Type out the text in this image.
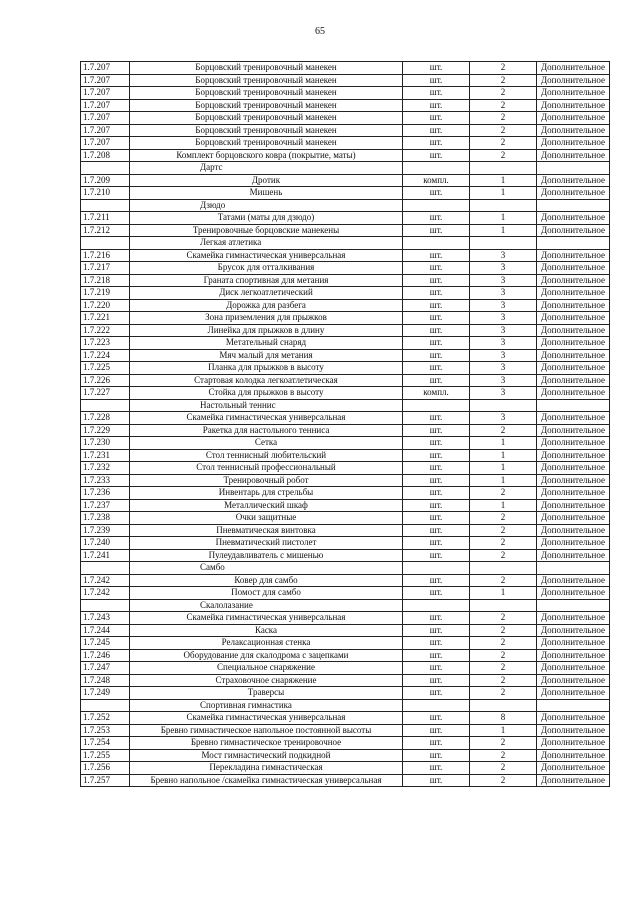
65
1.7.207	Борцовский тренировочный манекен	шт.	2	Дополнительное
1.7.207	Борцовский тренировочный манекен	шт.	2	Дополнительное
1.7.207	Борцовский тренировочный манекен	шт.	2	Дополнительное
1.7.207	Борцовский тренировочный манекен	шт.	2	Дополнительное
1.7.207	Борцовский тренировочный манекен	шт.	2	Дополнительное
1.7.207	Борцовский тренировочный манекен	шт.	2	Дополнительное
1.7.207	Борцовский тренировочный манекен	шт.	2	Дополнительное
1.7.208	Комплект борцовского ковра (покрытие, маты)	шт.	2	Дополнительное
	Дартс			
1.7.209	Дротик	компл.	1	Дополнительное
1.7.210	Мишень	шт.	1	Дополнительное
	Дзюдо			
1.7.211	Татами (маты для дзюдо)	шт.	1	Дополнительное
1.7.212	Тренировочные борцовские манекены	шт.	1	Дополнительное
	Легкая атлетика			
1.7.216	Скамейка гимнастическая универсальная	шт.	3	Дополнительное
1.7.217	Брусок для отталкивания	шт.	3	Дополнительное
1.7.218	Граната спортивная для метания	шт.	3	Дополнительное
1.7.219	Диск легкоатлетический	шт.	3	Дополнительное
1.7.220	Дорожка для разбега	шт.	3	Дополнительное
1.7.221	Зона приземления для прыжков	шт.	3	Дополнительное
1.7.222	Линейка для прыжков в длину	шт.	3	Дополнительное
1.7.223	Метательный снаряд	шт.	3	Дополнительное
1.7.224	Мяч малый для метания	шт.	3	Дополнительное
1.7.225	Планка для прыжков в высоту	шт.	3	Дополнительное
1.7.226	Стартовая колодка легкоатлетическая	шт.	3	Дополнительное
1.7.227	Стойка для прыжков в высоту	компл.	3	Дополнительное
	Настольный теннис			
1.7.228	Скамейка гимнастическая универсальная	шт.	3	Дополнительное
1.7.229	Ракетка для настольного тенниса	шт.	2	Дополнительное
1.7.230	Сетка	шт.	1	Дополнительное
1.7.231	Стол теннисный любительский	шт.	1	Дополнительное
1.7.232	Стол теннисный профессиональный	шт.	1	Дополнительное
1.7.233	Тренировочный робот	шт.	1	Дополнительное
1.7.236	Инвентарь для стрельбы	шт.	2	Дополнительное
1.7.237	Металлический шкаф	шт.	1	Дополнительное
1.7.238	Очки защитные	шт.	2	Дополнительное
1.7.239	Пневматическая винтовка	шт.	2	Дополнительное
1.7.240	Пневматический пистолет	шт.	2	Дополнительное
1.7.241	Пулеудавливатель с мишенью	шт.	2	Дополнительное
	Самбо			
1.7.242	Ковер для самбо	шт.	2	Дополнительное
1.7.242	Помост для самбо	шт.	1	Дополнительное
	Скалолазание			
1.7.243	Скамейка гимнастическая универсальная	шт.	2	Дополнительное
1.7.244	Каска	шт.	2	Дополнительное
1.7.245	Релаксационная стенка	шт.	2	Дополнительное
1.7.246	Оборудование для скалодрома с зацепками	шт.	2	Дополнительное
1.7.247	Специальное снаряжение	шт.	2	Дополнительное
1.7.248	Страховочное снаряжение	шт.	2	Дополнительное
1.7.249	Траверсы	шт.	2	Дополнительное
	Спортивная гимнастика			
1.7.252	Скамейка гимнастическая универсальная	шт.	8	Дополнительное
1.7.253	Бревно гимнастическое напольное постоянной высоты	шт.	1	Дополнительное
1.7.254	Бревно гимнастическое тренировочное	шт.	2	Дополнительное
1.7.255	Мост гимнастический подкидной	шт.	2	Дополнительное
1.7.256	Перекладина гимнастическая	шт.	2	Дополнительное
1.7.257	Бревно напольное /скамейка гимнастическая универсальная	шт.	2	Дополнительное
